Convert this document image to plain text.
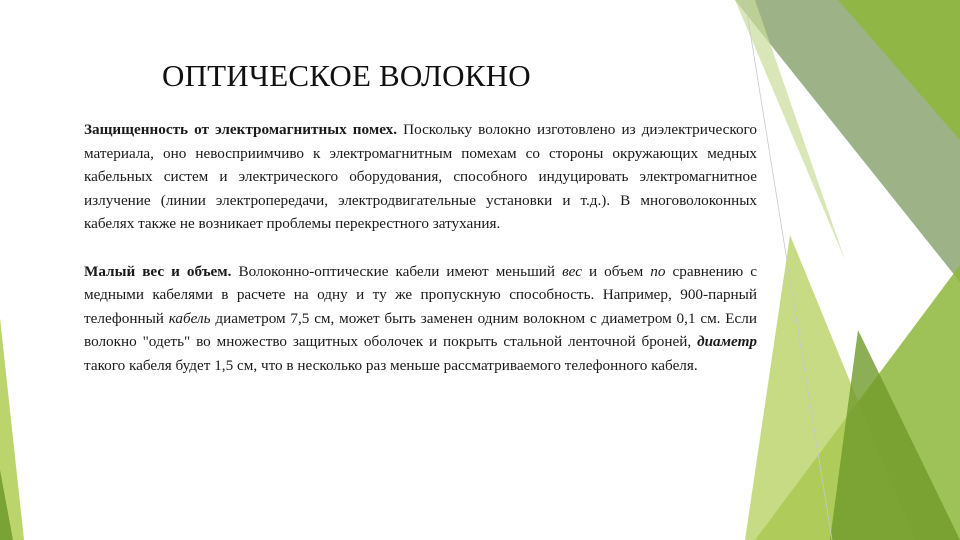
ОПТИЧЕСКОЕ ВОЛОКНО

Защищенность от электромагнитных помех. Поскольку волокно изготовлено из диэлектрического материала, оно невосприимчиво к электромагнитным помехам со стороны окружающих медных кабельных систем и электрического оборудования, способного индуцировать электромагнитное излучение (линии электропередачи, электродвигательные установки и т.д.). В многоволоконных кабелях также не возникает проблемы перекрестного затухания.

Малый вес и объем. Волоконно-оптические кабели имеют меньший вес и объем по сравнению с медными кабелями в расчете на одну и ту же пропускную способность. Например, 900-парный телефонный кабель диаметром 7,5 см, может быть заменен одним волокном с диаметром 0,1 см. Если волокно "одеть" во множество защитных оболочек и покрыть стальной ленточной броней, диаметр такого кабеля будет 1,5 см, что в несколько раз меньше рассматриваемого телефонного кабеля.
